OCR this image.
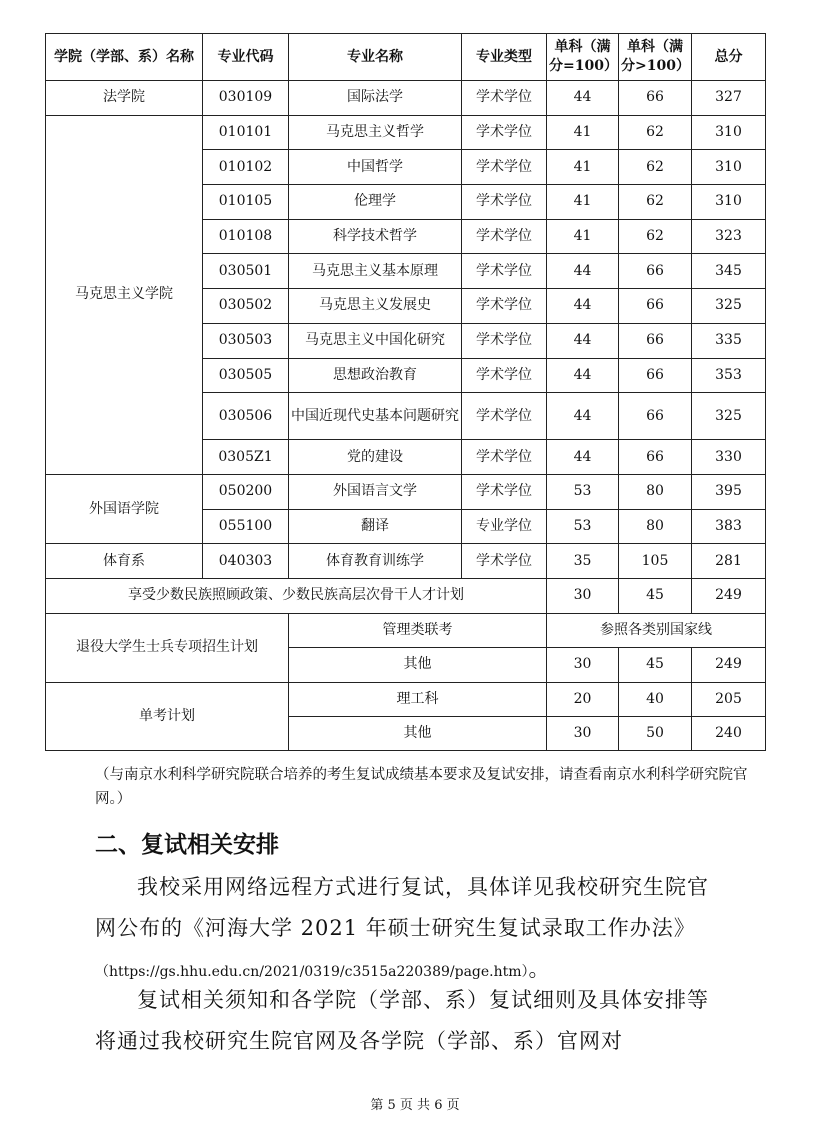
学院（学部、系）名称	专业代码	专业名称	专业类型	单科（满分=100）	单科（满分>100）	总分
法学院	030109	国际法学	学术学位	44	66	327
马克思主义学院	010101	马克思主义哲学	学术学位	41	62	310
	010102	中国哲学	学术学位	41	62	310
	010105	伦理学	学术学位	41	62	310
	010108	科学技术哲学	学术学位	41	62	323
	030501	马克思主义基本原理	学术学位	44	66	345
	030502	马克思主义发展史	学术学位	44	66	325
	030503	马克思主义中国化研究	学术学位	44	66	335
	030505	思想政治教育	学术学位	44	66	353
	030506	中国近现代史基本问题研究	学术学位	44	66	325
	0305Z1	党的建设	学术学位	44	66	330
外国语学院	050200	外国语言文学	学术学位	53	80	395
	055100	翻译	专业学位	53	80	383
体育系	040303	体育教育训练学	学术学位	35	105	281
享受少数民族照顾政策、少数民族高层次骨干人才计划				30	45	249
退役大学生士兵专项招生计划		管理类联考		参照各类别国家线		
		其他		30	45	249
单考计划		理工科		20	40	205
		其他		30	50	240
（与南京水利科学研究院联合培养的考生复试成绩基本要求及复试安排，请查看南京水利科学研究院官网。）
二、复试相关安排

我校采用网络远程方式进行复试，具体详见我校研究生院官网公布的《河海大学 2021 年硕士研究生复试录取工作办法》（https://gs.hhu.edu.cn/2021/0319/c3515a220389/page.htm）。

复试相关须知和各学院（学部、系）复试细则及具体安排等将通过我校研究生院官网及各学院（学部、系）官网对

第 5 页 共 6 页
